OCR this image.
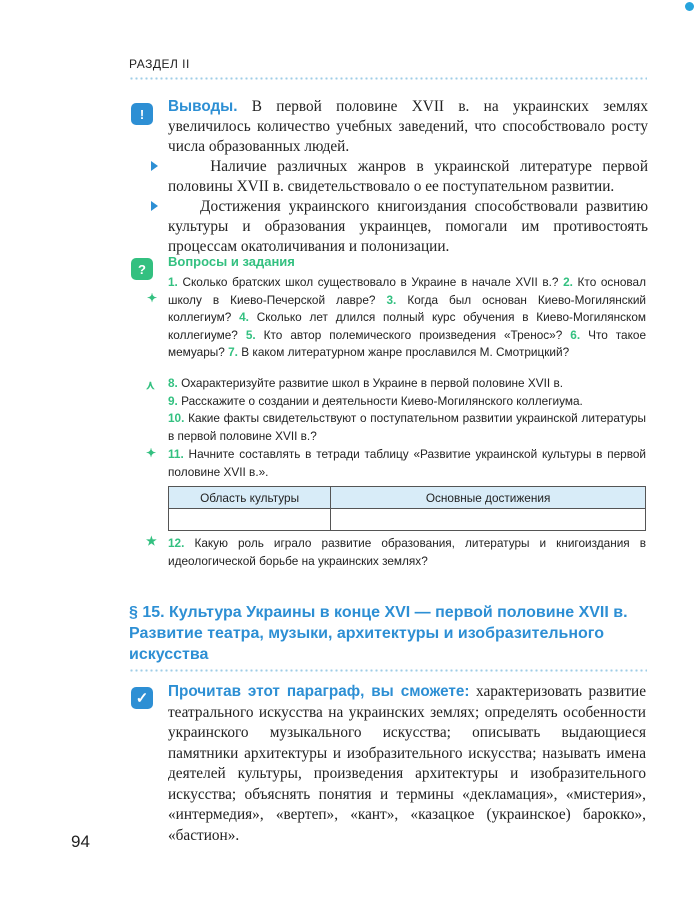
РАЗДЕЛ II
!	Выводы. В первой половине XVII в. на украинских землях увеличилось количество учебных заведений, что способствовало росту числа образованных людей.

Наличие различных жанров в украинской литературе первой половины XVII в. свидетельствовало о ее поступательном развитии.

Достижения украинского книгоиздания способствовали развитию культуры и образования украинцев, помогали им противостоять процессам окатоличивания и полонизации.

?	Вопросы и задания
✦
⋏
✦
★
1. Сколько братских школ существовало в Украине в начале XVII в.? 2. Кто основал школу в Киево-Печерской лавре? 3. Когда был основан Киево-Могилянский коллегиум? 4. Сколько лет длился полный курс обучения в Киево-Могилянском коллегиуме? 5. Кто автор полемического произведения «Тренос»? 6. Что такое мемуары? 7. В каком литературном жанре прославился М. Смотрицкий?
8. Охарактеризуйте развитие школ в Украине в первой половине XVII в.
9. Расскажите о создании и деятельности Киево-Могилянского коллегиума.
10. Какие факты свидетельствуют о поступательном развитии украинской литературы в первой половине XVII в.?
11. Начните составлять в тетради таблицу «Развитие украинской культуры в первой половине XVII в.».
Область культуры	Основные достижения

12. Какую роль играло развитие образования, литературы и книгоиздания в идеологической борьбе на украинских землях?
§ 15. Культура Украины в конце XVI — первой половине XVII в. Развитие театра, музыки, архитектуры и изобразительного искусства
✓	Прочитав этот параграф, вы сможете: характеризовать развитие театрального искусства на украинских землях; определять особенности украинского музыкального искусства; описывать выдающиеся памятники архитектуры и изобразительного искусства; называть имена деятелей культуры, произведения архитектуры и изобразительного искусства; объяснять понятия и термины «декламация», «мистерия», «интермедия», «вертеп», «кант», «казацкое (украинское) барокко», «бастион».
94
